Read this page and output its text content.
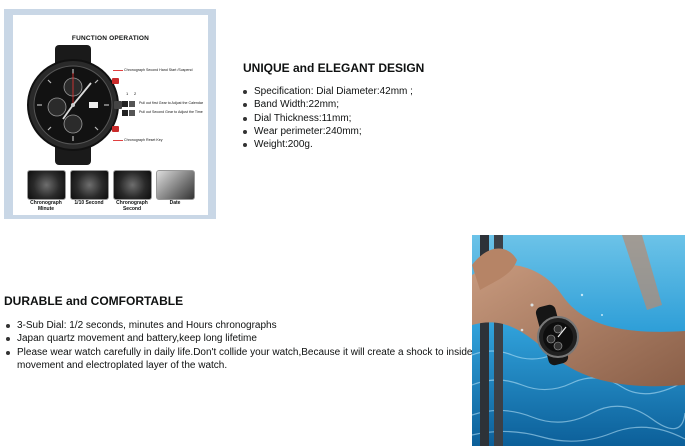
FUNCTION OPERATION
Chronograph Second Hand Start /Suspend
1 2
Pull out first Gear to Adjust the Calendar
Pull out Second Gear to Adjust the Time
Chronograph Reset Key
Chronograph Minute
1/10 Second	Chronograph Second
Date
UNIQUE and ELEGANT DESIGN
Specification: Dial Diameter:42mm ;
Band Width:22mm;
Dial Thickness:11mm;
Wear perimeter:240mm;
Weight:200g.
DURABLE and COMFORTABLE
3-Sub Dial: 1/2 seconds, minutes and Hours chronographs
Japan quartz movement and battery,keep long lifetime
Please wear watch carefully in daily life.Don't collide your watch,Because it will create a shock to inside movement and electroplated layer of the watch.
